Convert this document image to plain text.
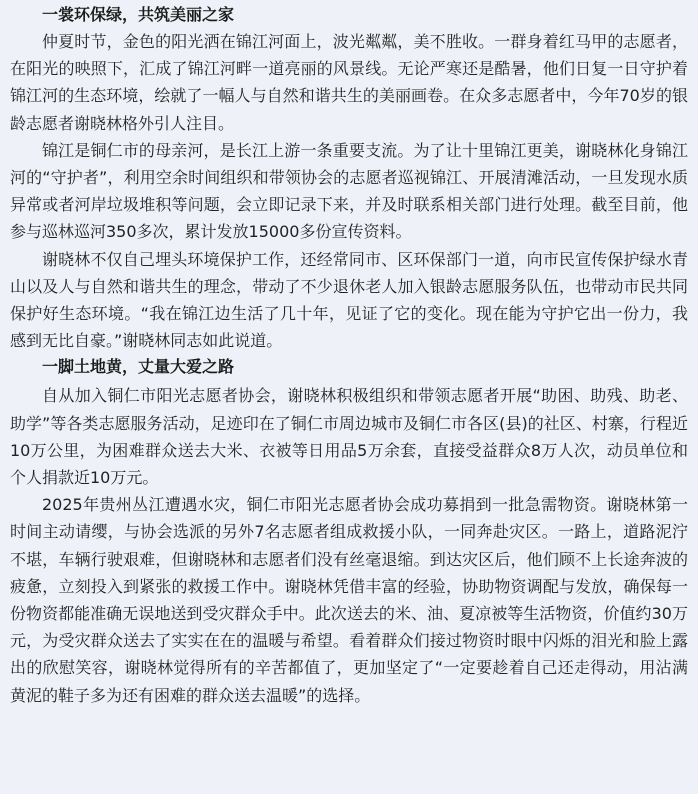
一裳环保绿，共筑美丽之家

仲夏时节，金色的阳光洒在锦江河面上，波光粼粼，美不胜收。一群身着红马甲的志愿者，在阳光的映照下，汇成了锦江河畔一道亮丽的风景线。无论严寒还是酷暑，他们日复一日守护着锦江河的生态环境，绘就了一幅人与自然和谐共生的美丽画卷。在众多志愿者中，今年70岁的银龄志愿者谢晓林格外引人注目。

锦江是铜仁市的母亲河，是长江上游一条重要支流。为了让十里锦江更美，谢晓林化身锦江河的“守护者”，利用空余时间组织和带领协会的志愿者巡视锦江、开展清滩活动，一旦发现水质异常或者河岸垃圾堆积等问题，会立即记录下来，并及时联系相关部门进行处理。截至目前，他参与巡林巡河350多次，累计发放15000多份宣传资料。

谢晓林不仅自己埋头环境保护工作，还经常同市、区环保部门一道，向市民宣传保护绿水青山以及人与自然和谐共生的理念，带动了不少退休老人加入银龄志愿服务队伍，也带动市民共同保护好生态环境。“我在锦江边生活了几十年，见证了它的变化。现在能为守护它出一份力，我感到无比自豪。”谢晓林同志如此说道。

一脚土地黄，丈量大爱之路

自从加入铜仁市阳光志愿者协会，谢晓林积极组织和带领志愿者开展“助困、助残、助老、助学”等各类志愿服务活动，足迹印在了铜仁市周边城市及铜仁市各区(县)的社区、村寨，行程近10万公里，为困难群众送去大米、衣被等日用品5万余套，直接受益群众8万人次，动员单位和个人捐款近10万元。

2025年贵州丛江遭遇水灾，铜仁市阳光志愿者协会成功募捐到一批急需物资。谢晓林第一时间主动请缨，与协会选派的另外7名志愿者组成救援小队，一同奔赴灾区。一路上，道路泥泞不堪，车辆行驶艰难，但谢晓林和志愿者们没有丝毫退缩。到达灾区后，他们顾不上长途奔波的疲惫，立刻投入到紧张的救援工作中。谢晓林凭借丰富的经验，协助物资调配与发放，确保每一份物资都能准确无误地送到受灾群众手中。此次送去的米、油、夏凉被等生活物资，价值约30万元，为受灾群众送去了实实在在的温暖与希望。看着群众们接过物资时眼中闪烁的泪光和脸上露出的欣慰笑容，谢晓林觉得所有的辛苦都值了，更加坚定了“一定要趁着自己还走得动，用沾满黄泥的鞋子多为还有困难的群众送去温暖”的选择。
